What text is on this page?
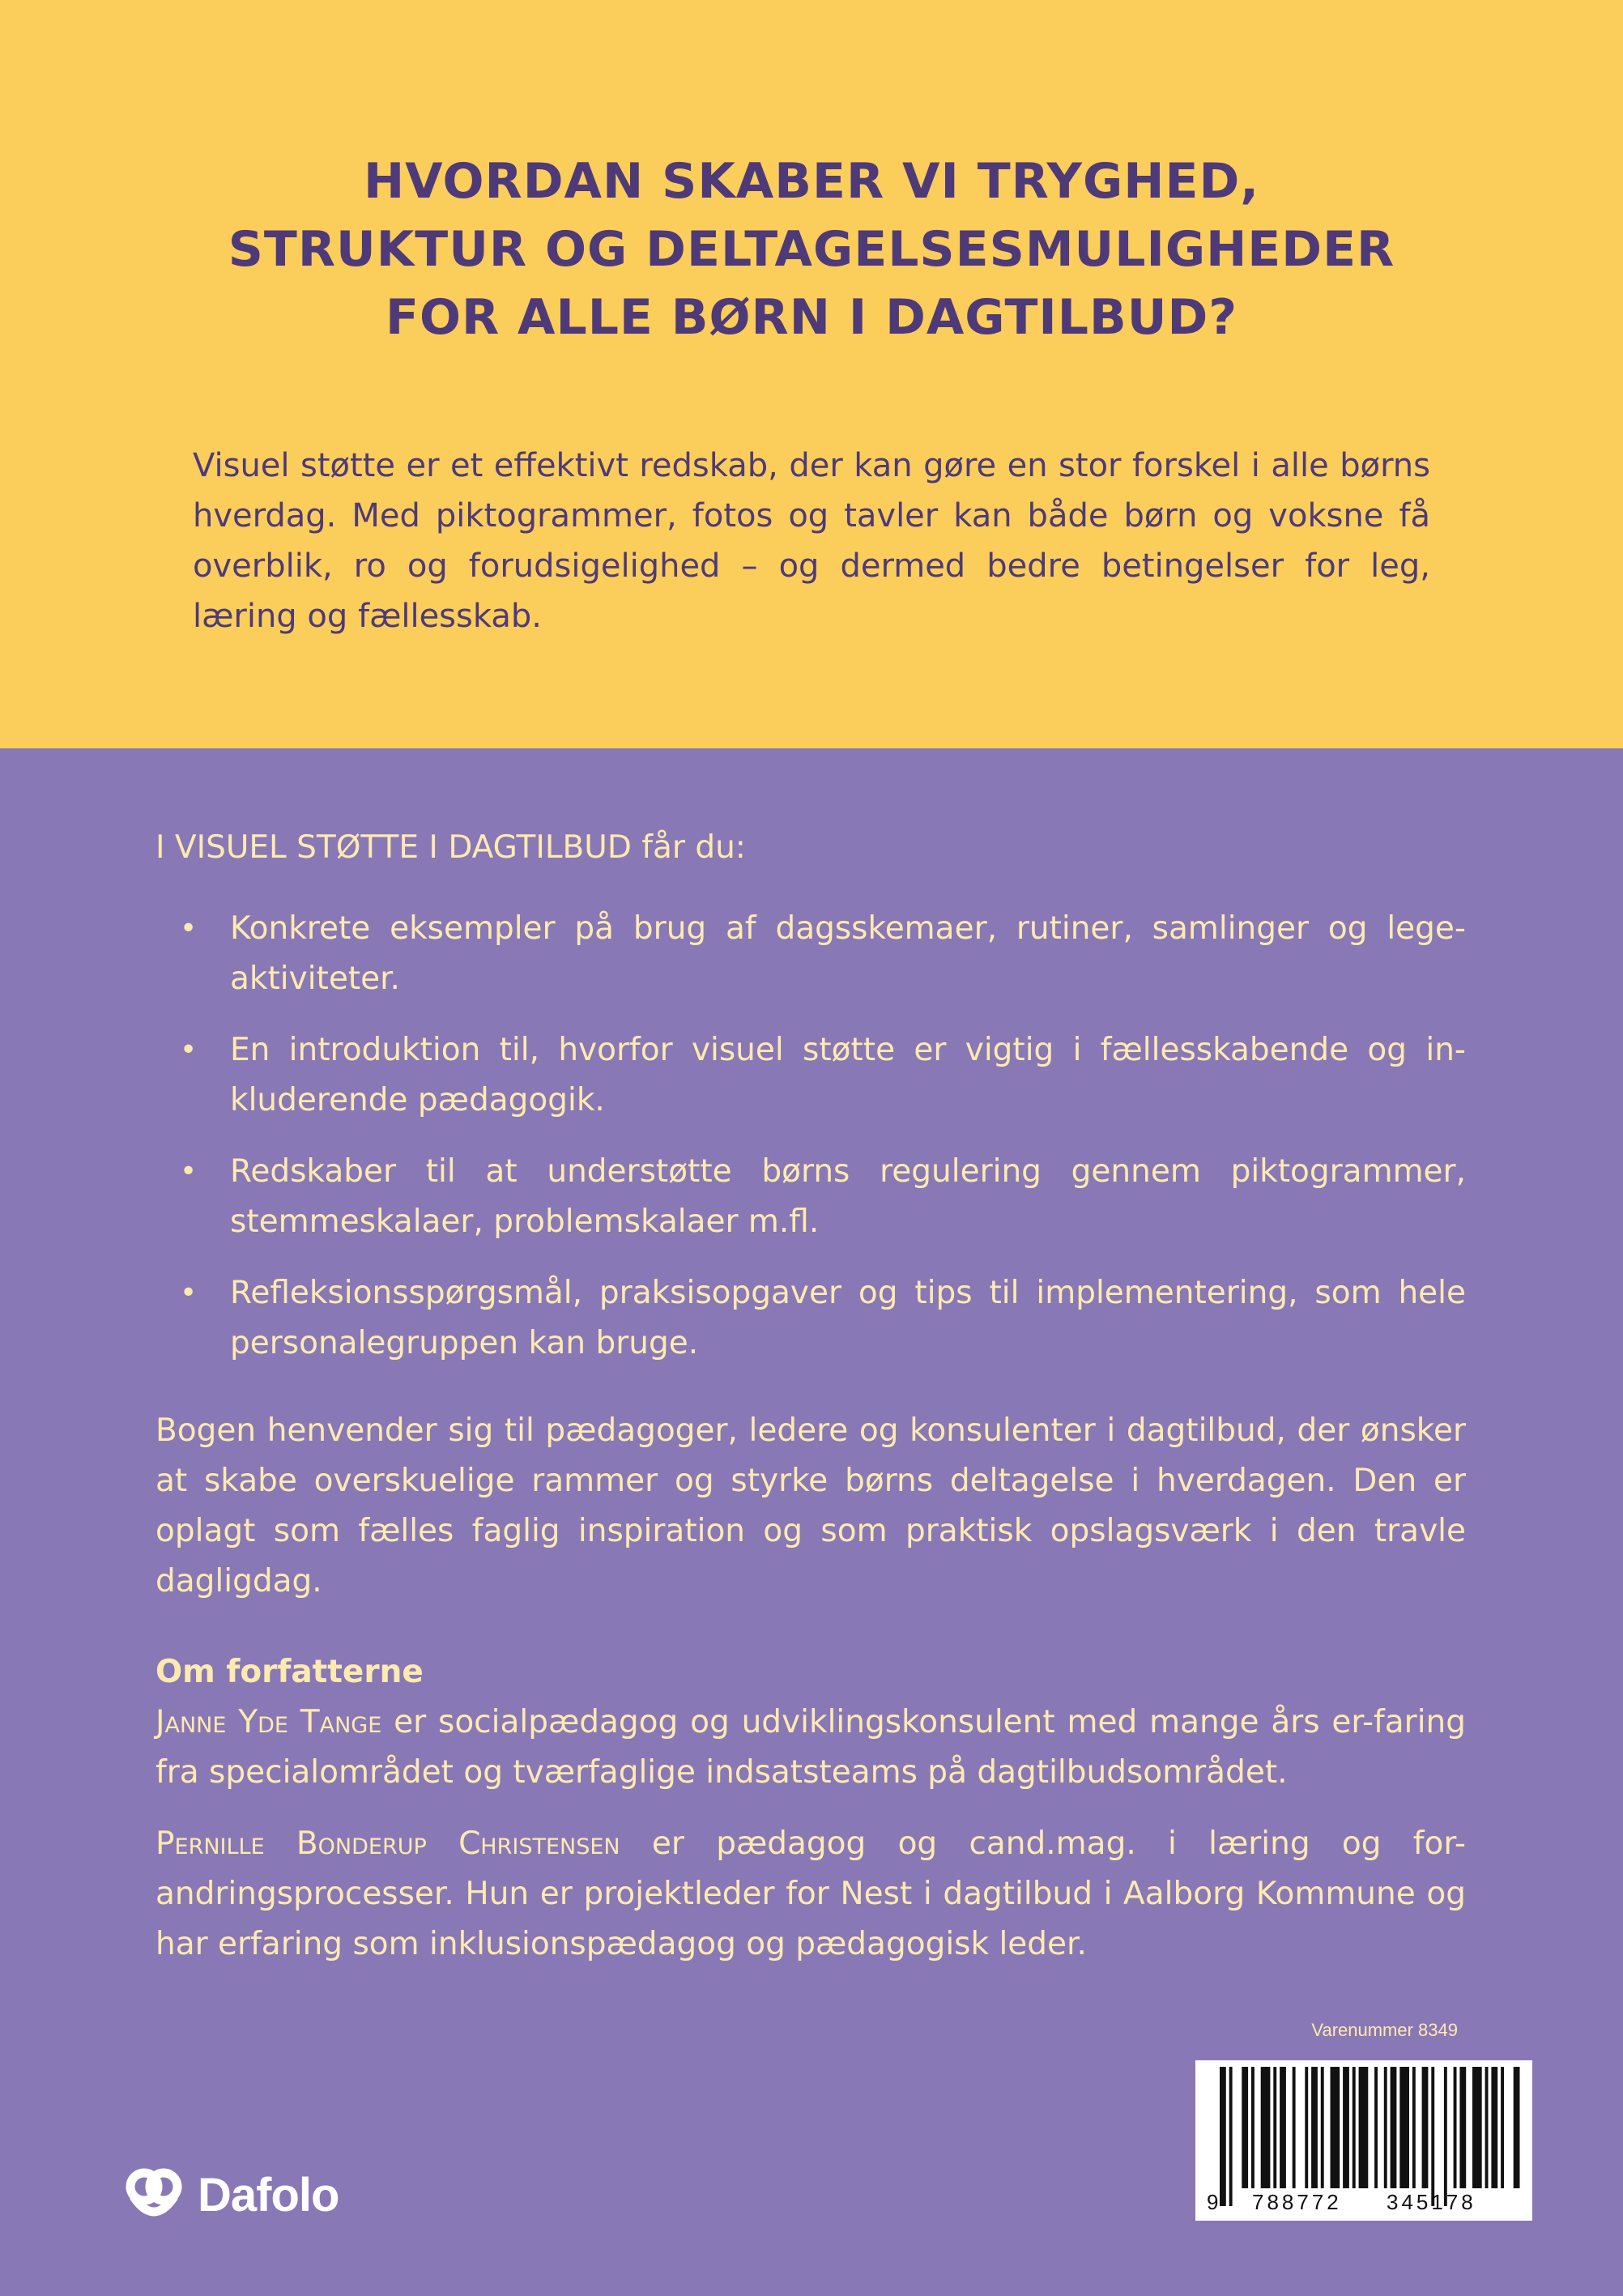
HVORDAN SKABER VI TRYGHED,
STRUKTUR OG DELTAGELSESMULIGHEDER
FOR ALLE BØRN I DAGTILBUD?
Visuel støtte er et effektivt redskab, der kan gøre en stor forskel i alle børns hverdag. Med piktogrammer, fotos og tavler kan både børn og voksne få overblik, ro og forudsigelighed – og dermed bedre betingelser for leg, læring og fællesskab.
I VISUEL STØTTE I DAGTILBUD får du:
• Konkrete eksempler på brug af dagsskemaer, rutiner, samlinger og lege-aktiviteter.
• En introduktion til, hvorfor visuel støtte er vigtig i fællesskabende og in-kluderende pædagogik.
• Redskaber til at understøtte børns regulering gennem piktogrammer, stemmeskalaer, problemskalaer m.fl.
• Refleksionsspørgsmål, praksisopgaver og tips til implementering, som hele personalegruppen kan bruge.
Bogen henvender sig til pædagoger, ledere og konsulenter i dagtilbud, der ønsker at skabe overskuelige rammer og styrke børns deltagelse i hverdagen. Den er oplagt som fælles faglig inspiration og som praktisk opslagsværk i den travle dagligdag.
Om forfatterne
Janne Yde Tange er socialpædagog og udviklingskonsulent med mange års er-faring fra specialområdet og tværfaglige indsatsteams på dagtilbudsområdet.
Pernille Bonderup Christensen er pædagog og cand.mag. i læring og for-andringsprocesser. Hun er projektleder for Nest i dagtilbud i Aalborg Kommune og har erfaring som inklusionspædagog og pædagogisk leder.
Varenummer 8349
9 788772 345178
Dafolo
